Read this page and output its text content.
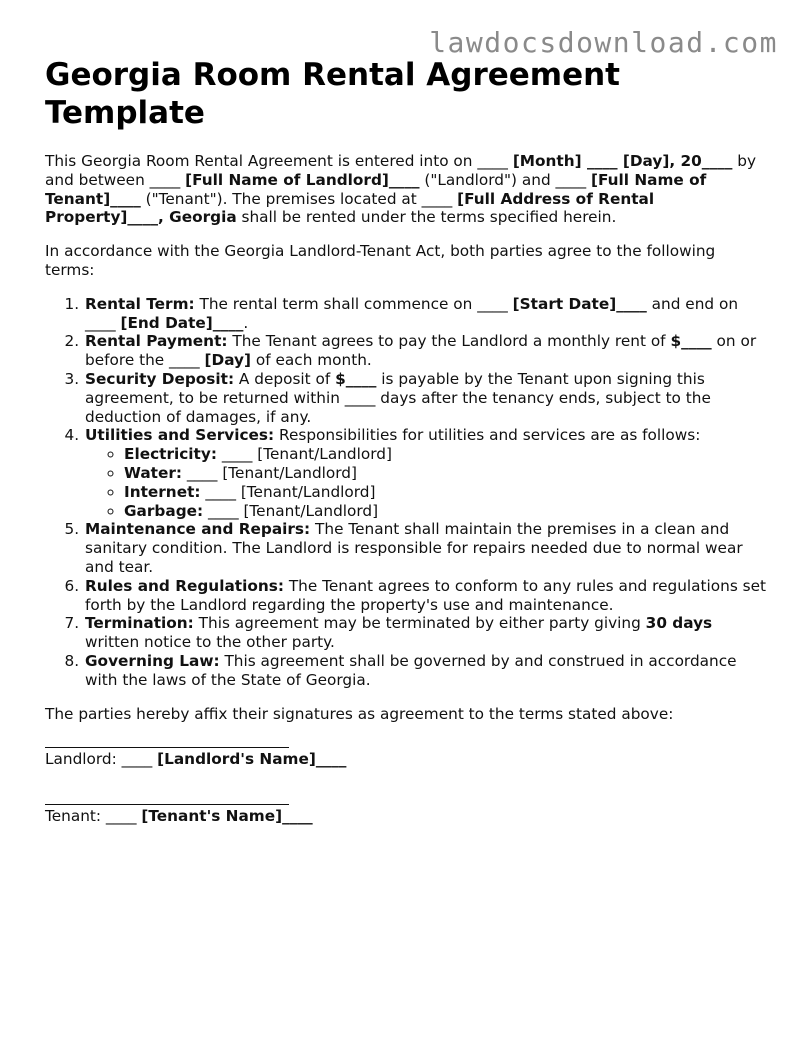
lawdocsdownload.com
Georgia Room Rental Agreement Template

This Georgia Room Rental Agreement is entered into on ____ [Month] ____ [Day], 20____ by and between ____ [Full Name of Landlord]____ ("Landlord") and ____ [Full Name of Tenant]____ ("Tenant"). The premises located at ____ [Full Address of Rental Property]____, Georgia shall be rented under the terms specified herein.

In accordance with the Georgia Landlord-Tenant Act, both parties agree to the following terms:

1. Rental Term: The rental term shall commence on ____ [Start Date]____ and end on ____ [End Date]____.
2. Rental Payment: The Tenant agrees to pay the Landlord a monthly rent of $____ on or before the ____ [Day] of each month.
3. Security Deposit: A deposit of $____ is payable by the Tenant upon signing this agreement, to be returned within ____ days after the tenancy ends, subject to the deduction of damages, if any.
4. Utilities and Services: Responsibilities for utilities and services are as follows:
◦ Electricity: ____ [Tenant/Landlord]
◦ Water: ____ [Tenant/Landlord]
◦ Internet: ____ [Tenant/Landlord]
◦ Garbage: ____ [Tenant/Landlord]
5. Maintenance and Repairs: The Tenant shall maintain the premises in a clean and sanitary condition. The Landlord is responsible for repairs needed due to normal wear and tear.
6. Rules and Regulations: The Tenant agrees to conform to any rules and regulations set forth by the Landlord regarding the property's use and maintenance.
7. Termination: This agreement may be terminated by either party giving 30 days written notice to the other party.
8. Governing Law: This agreement shall be governed by and construed in accordance with the laws of the State of Georgia.

The parties hereby affix their signatures as agreement to the terms stated above:

Landlord: ____ [Landlord's Name]____

Tenant: ____ [Tenant's Name]____
